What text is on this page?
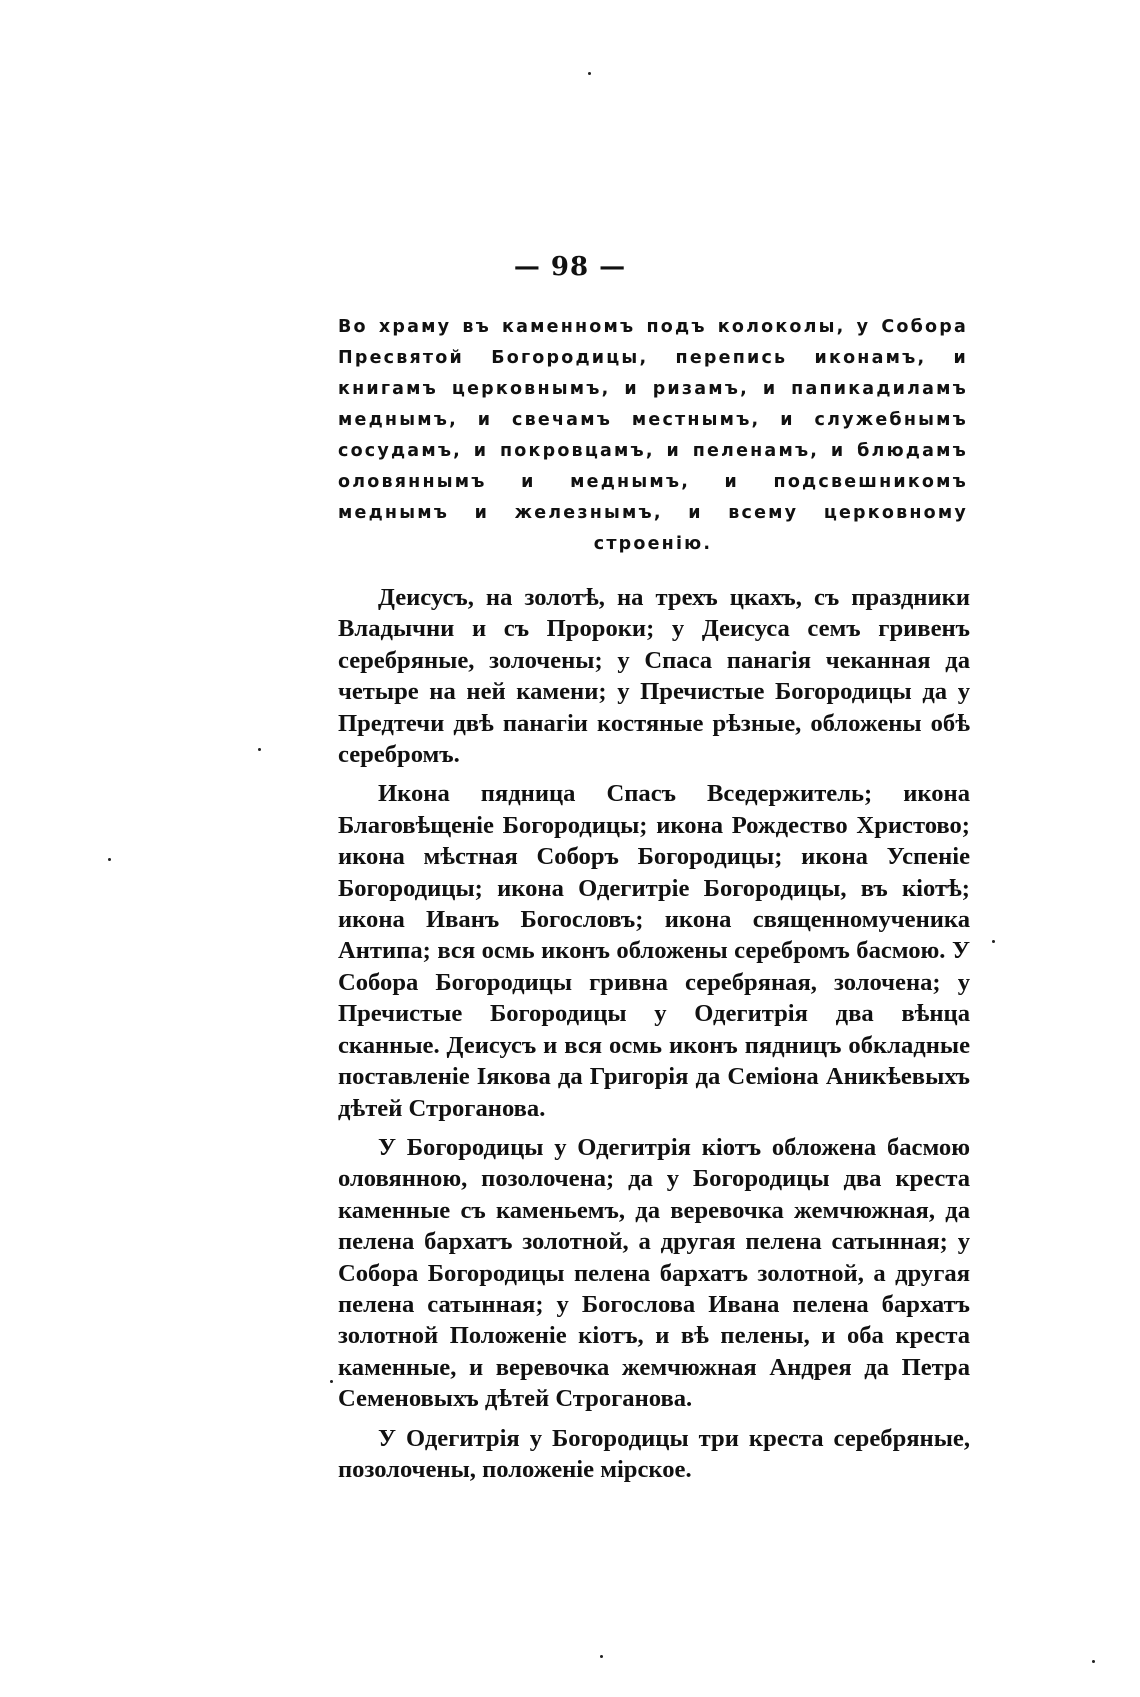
— 98 —
Во храму въ каменномъ подъ колоколы, у Собора Пресвятой Богородицы, перепись иконамъ, и книгамъ церковнымъ, и ризамъ, и папикадиламъ меднымъ, и свечамъ местнымъ, и служебнымъ сосудамъ, и покровцамъ, и пеленамъ, и блюдамъ оловяннымъ и меднымъ, и подсвешникомъ меднымъ и железнымъ, и всему церковному строенію.

Деисусъ, на золотѣ, на трехъ цкахъ, съ праздники Владычни и съ Пророки; у Деисуса семъ гривенъ серебряные, золочены; у Спаса панагія чеканная да четыре на ней камени; у Пречистые Богородицы да у Предтечи двѣ панагіи костяные рѣзные, обложены обѣ серебромъ.

Икона пядница Спасъ Вседержитель; икона Благовѣщеніе Богородицы; икона Рождество Христово; икона мѣстная Соборъ Богородицы; икона Успеніе Богородицы; икона Одегитріе Богородицы, въ кіотѣ; икона Иванъ Богословъ; икона священномученика Антипа; вся осмь иконъ обложены серебромъ басмою. У Собора Богородицы гривна серебряная, золочена; у Пречистые Богородицы у Одегитрія два вѣнца сканные. Деисусъ и вся осмь иконъ пядницъ обкладные поставленіе Іякова да Григорія да Семіона Аникѣевыхъ дѣтей Строганова.

У Богородицы у Одегитрія кіотъ обложена басмою оловянною, позолочена; да у Богородицы два креста каменные съ каменьемъ, да веревочка жемчюжная, да пелена бархатъ золотной, а другая пелена сатынная; у Собора Богородицы пелена бархатъ золотной, а другая пелена сатынная; у Богослова Ивана пелена бархатъ золотной Положеніе кіотъ, и вѣ пелены, и оба креста каменные, и веревочка жемчюжная Андрея да Петра Семеновыхъ дѣтей Строганова.

У Одегитрія у Богородицы три креста серебряные, позолочены, положеніе мірское.
